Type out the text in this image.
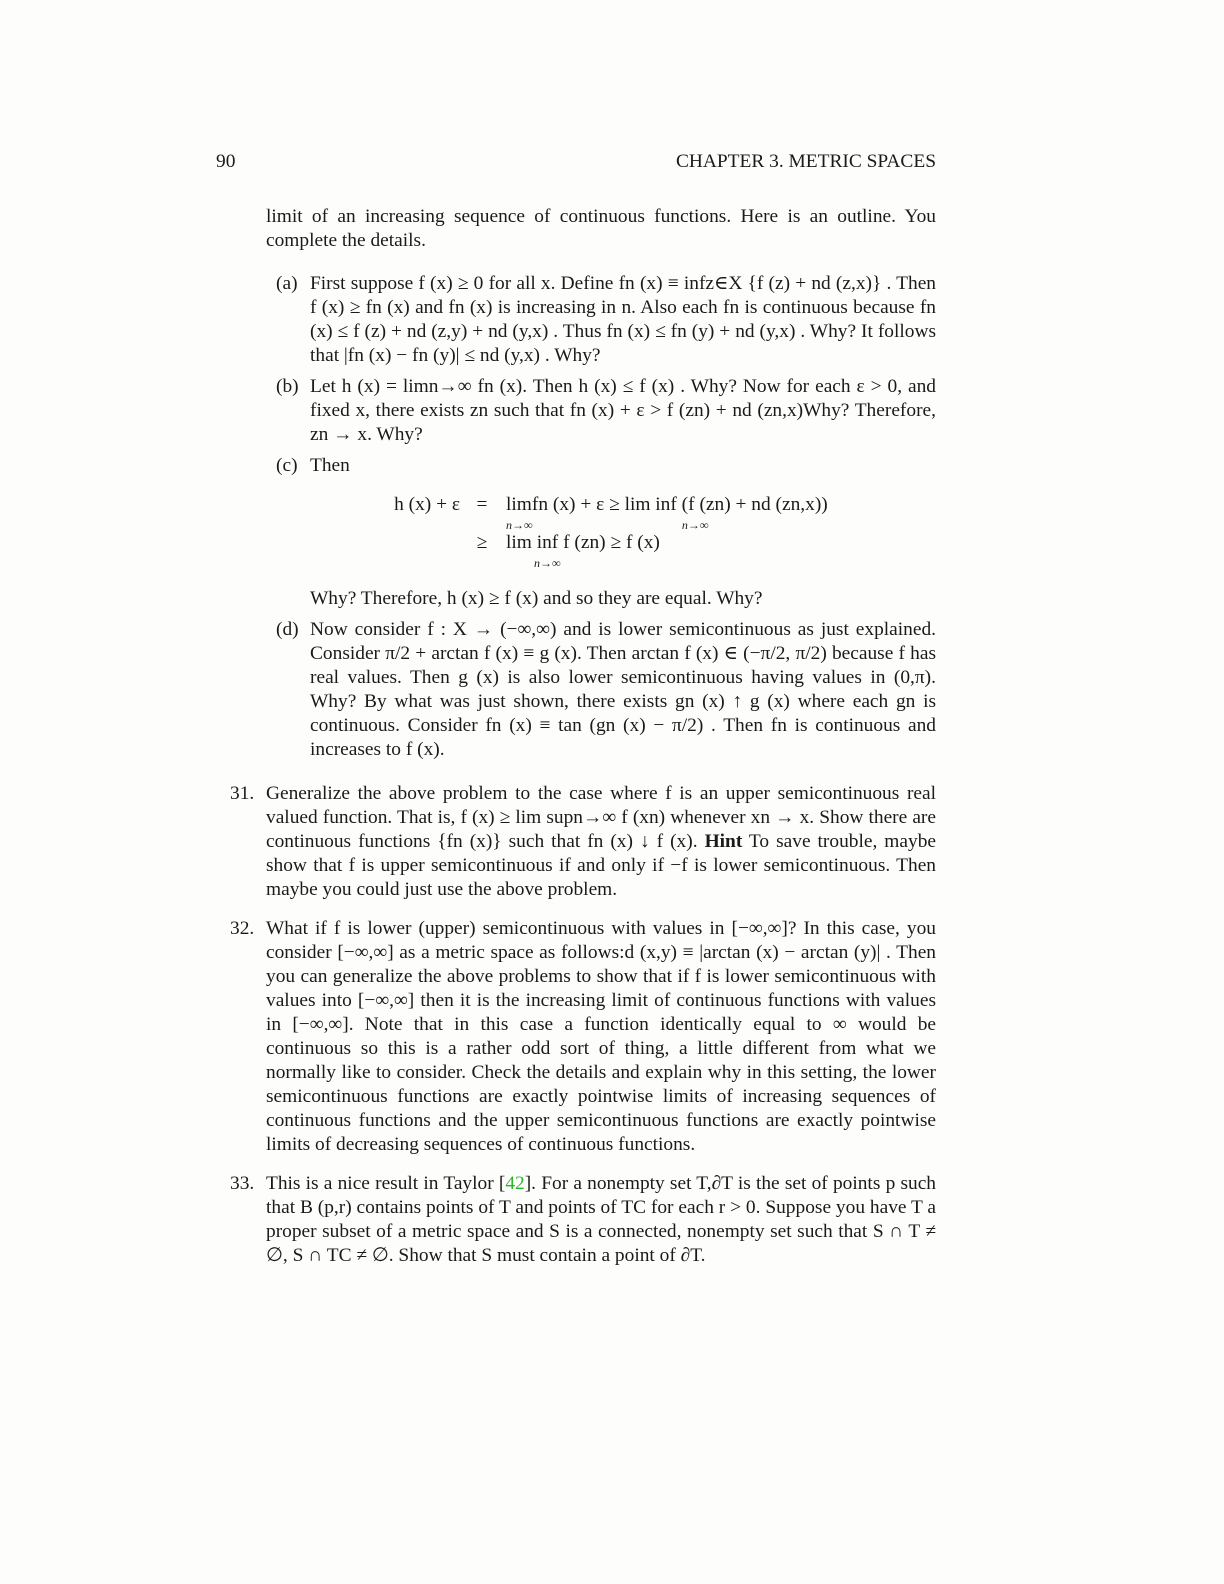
90	CHAPTER 3. METRIC SPACES

limit of an increasing sequence of continuous functions. Here is an outline. You complete the details.

(a) First suppose f (x) ≥ 0 for all x. Define fn (x) ≡ infz∈X {f (z) + nd (z,x)} . Then f (x) ≥ fn (x) and fn (x) is increasing in n. Also each fn is continuous because fn (x) ≤ f (z) + nd (z,y) + nd (y,x) . Thus fn (x) ≤ fn (y) + nd (y,x) . Why? It follows that |fn (x) − fn (y)| ≤ nd (y,x) . Why?

(b) Let h (x) = limn→∞ fn (x). Then h (x) ≤ f (x) . Why? Now for each ε > 0, and fixed x, there exists zn such that fn (x) + ε > f (zn) + nd (zn,x)Why? Therefore, zn → x. Why?

(c) Then

h (x) + ε = lim
n→∞
fn (x) + ε ≥ lim inf
n→∞
(f (zn) + nd (zn,x))
≥ lim inf
n→∞
f (zn) ≥ f (x)

Why? Therefore, h (x) ≥ f (x) and so they are equal. Why?

(d) Now consider f : X → (−∞,∞) and is lower semicontinuous as just explained. Consider π/2 + arctan f (x) ≡ g (x). Then arctan f (x) ∈ (−π/2, π/2) because f has real values. Then g (x) is also lower semicontinuous having values in (0,π). Why? By what was just shown, there exists gn (x) ↑ g (x) where each gn is continuous. Consider fn (x) ≡ tan (gn (x) − π/2) . Then fn is continuous and increases to f (x).

31. Generalize the above problem to the case where f is an upper semicontinuous real valued function. That is, f (x) ≥ lim supn→∞ f (xn) whenever xn → x. Show there are continuous functions {fn (x)} such that fn (x) ↓ f (x). Hint To save trouble, maybe show that f is upper semicontinuous if and only if −f is lower semicontinuous. Then maybe you could just use the above problem.

32. What if f is lower (upper) semicontinuous with values in [−∞,∞]? In this case, you consider [−∞,∞] as a metric space as follows:d (x,y) ≡ |arctan (x) − arctan (y)| . Then you can generalize the above problems to show that if f is lower semicontinuous with values into [−∞,∞] then it is the increasing limit of continuous functions with values in [−∞,∞]. Note that in this case a function identically equal to ∞ would be continuous so this is a rather odd sort of thing, a little different from what we normally like to consider. Check the details and explain why in this setting, the lower semicontinuous functions are exactly pointwise limits of increasing sequences of continuous functions and the upper semicontinuous functions are exactly pointwise limits of decreasing sequences of continuous functions.

33. This is a nice result in Taylor [42]. For a nonempty set T,∂T is the set of points p such that B (p,r) contains points of T and points of TC for each r > 0. Suppose you have T a proper subset of a metric space and S is a connected, nonempty set such that S ∩ T ≠ ∅, S ∩ TC ≠ ∅. Show that S must contain a point of ∂T.
